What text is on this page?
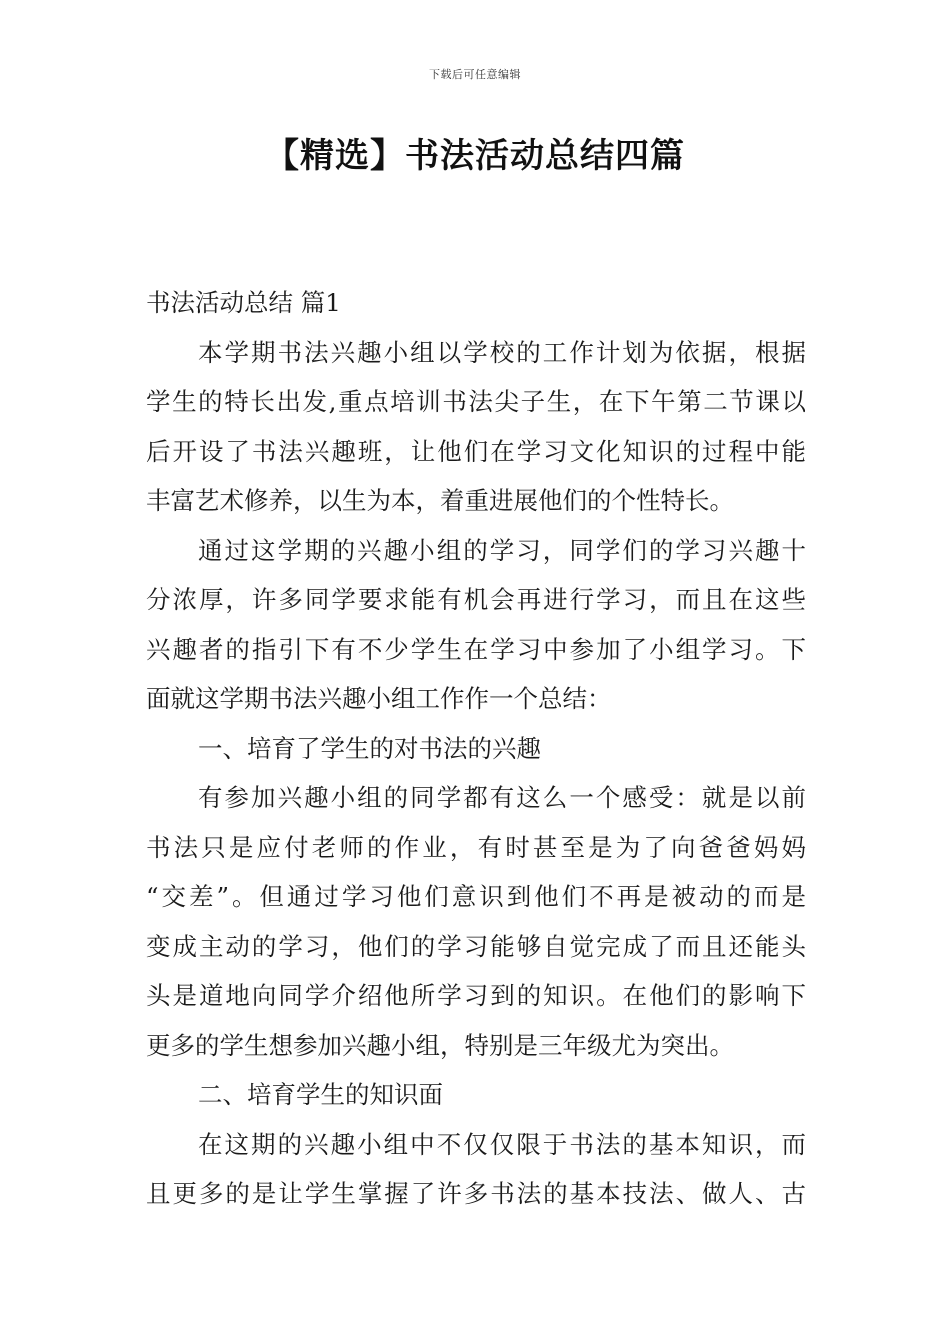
下载后可任意编辑
【精选】书法活动总结四篇
书法活动总结 篇1
本学期书法兴趣小组以学校的工作计划为依据，根据
学生的特长出发,重点培训书法尖子生，在下午第二节课以
后开设了书法兴趣班，让他们在学习文化知识的过程中能
丰富艺术修养，以生为本，着重进展他们的个性特长。
通过这学期的兴趣小组的学习，同学们的学习兴趣十
分浓厚，许多同学要求能有机会再进行学习，而且在这些
兴趣者的指引下有不少学生在学习中参加了小组学习。下
面就这学期书法兴趣小组工作作一个总结：
一、培育了学生的对书法的兴趣
有参加兴趣小组的同学都有这么一个感受：就是以前
书法只是应付老师的作业，有时甚至是为了向爸爸妈妈
“交差”。但通过学习他们意识到他们不再是被动的而是
变成主动的学习，他们的学习能够自觉完成了而且还能头
头是道地向同学介绍他所学习到的知识。在他们的影响下
更多的学生想参加兴趣小组，特别是三年级尤为突出。
二、培育学生的知识面
在这期的兴趣小组中不仅仅限于书法的基本知识，而
且更多的是让学生掌握了许多书法的基本技法、做人、古
